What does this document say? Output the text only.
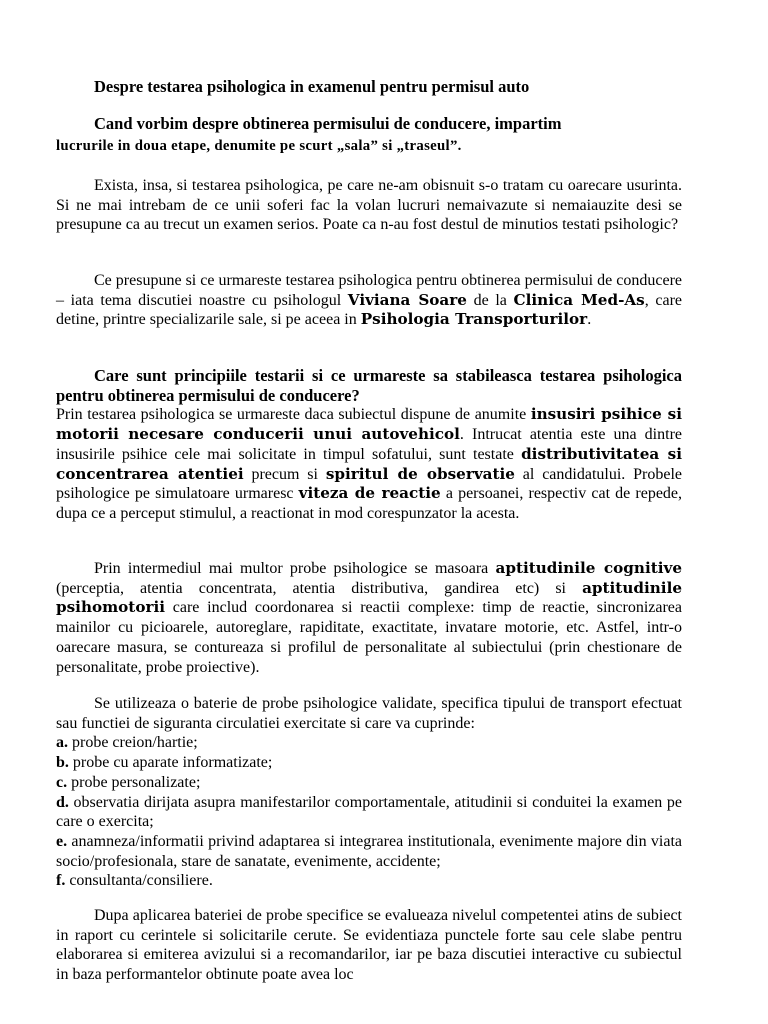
Despre testarea psihologica in examenul pentru permisul auto
Cand vorbim despre obtinerea permisului de conducere, impartim
lucrurile in doua etape, denumite pe scurt „sala” si „traseul”.

Exista, insa, si testarea psihologica, pe care ne-am obisnuit s-o tratam cu oarecare usurinta. Si ne mai intrebam de ce unii soferi fac la volan lucruri nemaivazute si nemaiauzite desi se presupune ca au trecut un examen serios. Poate ca n-au fost destul de minutios testati psihologic?

Ce presupune si ce urmareste testarea psihologica pentru obtinerea permisului de conducere – iata tema discutiei noastre cu psihologul Viviana Soare de la Clinica Med-As, care detine, printre specializarile sale, si pe aceea in Psihologia Transporturilor.

Care sunt principiile testarii si ce urmareste sa stabileasca testarea psihologica pentru obtinerea permisului de conducere?

Prin testarea psihologica se urmareste daca subiectul dispune de anumite insusiri psihice si motorii necesare conducerii unui autovehicol. Intrucat atentia este una dintre insusirile psihice cele mai solicitate in timpul sofatului, sunt testate distributivitatea si concentrarea atentiei precum si spiritul de observatie al candidatului. Probele psihologice pe simulatoare urmaresc viteza de reactie a persoanei, respectiv cat de repede, dupa ce a perceput stimulul, a reactionat in mod corespunzator la acesta.

Prin intermediul mai multor probe psihologice se masoara aptitudinile cognitive (perceptia, atentia concentrata, atentia distributiva, gandirea etc) si aptitudinile psihomotorii care includ coordonarea si reactii complexe: timp de reactie, sincronizarea mainilor cu picioarele, autoreglare, rapiditate, exactitate, invatare motorie, etc. Astfel, intr-o oarecare masura, se contureaza si profilul de personalitate al subiectului (prin chestionare de personalitate, probe proiective).

Se utilizeaza o baterie de probe psihologice validate, specifica tipului de transport efectuat sau functiei de siguranta circulatiei exercitate si care va cuprinde:

a. probe creion/hartie;

b. probe cu aparate informatizate;

c. probe personalizate;

d. observatia dirijata asupra manifestarilor comportamentale, atitudinii si conduitei la examen pe care o exercita;

e. anamneza/informatii privind adaptarea si integrarea institutionala, evenimente majore din viata socio/profesionala, stare de sanatate, evenimente, accidente;

f. consultanta/consiliere.

Dupa aplicarea bateriei de probe specifice se evalueaza nivelul competentei atins de subiect in raport cu cerintele si solicitarile cerute. Se evidentiaza punctele forte sau cele slabe pentru elaborarea si emiterea avizului si a recomandarilor, iar pe baza discutiei interactive cu subiectul in baza performantelor obtinute poate avea loc
